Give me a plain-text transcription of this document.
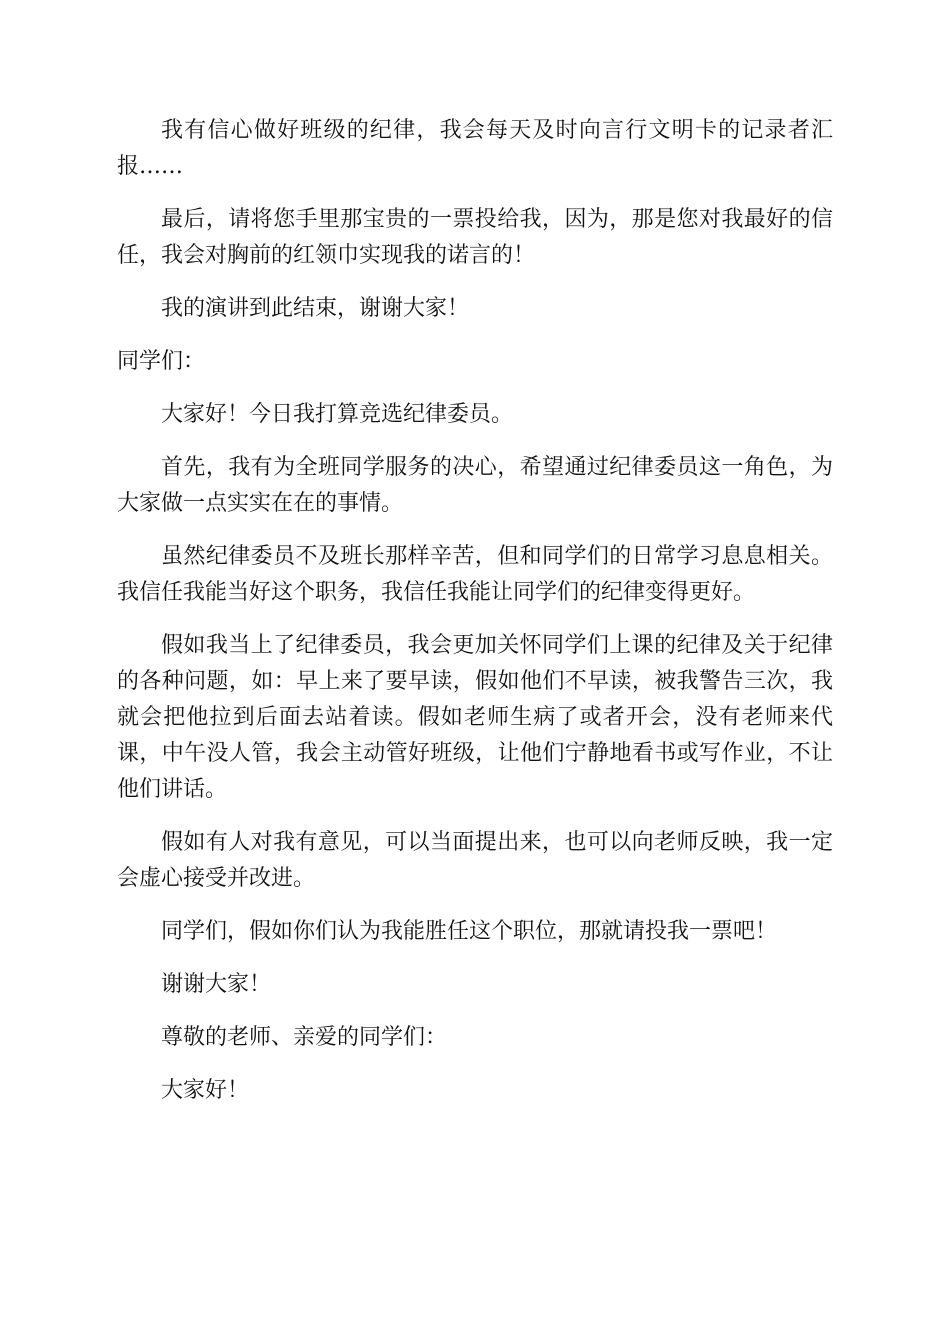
我有信心做好班级的纪律，我会每天及时向言行文明卡的记录者汇报……

最后，请将您手里那宝贵的一票投给我，因为，那是您对我最好的信任，我会对胸前的红领巾实现我的诺言的！

我的演讲到此结束，谢谢大家！

同学们：

大家好！今日我打算竞选纪律委员。

首先，我有为全班同学服务的决心，希望通过纪律委员这一角色，为大家做一点实实在在的事情。

虽然纪律委员不及班长那样辛苦，但和同学们的日常学习息息相关。我信任我能当好这个职务，我信任我能让同学们的纪律变得更好。

假如我当上了纪律委员，我会更加关怀同学们上课的纪律及关于纪律的各种问题，如：早上来了要早读，假如他们不早读，被我警告三次，我就会把他拉到后面去站着读。假如老师生病了或者开会，没有老师来代课，中午没人管，我会主动管好班级，让他们宁静地看书或写作业，不让他们讲话。

假如有人对我有意见，可以当面提出来，也可以向老师反映，我一定会虚心接受并改进。

同学们，假如你们认为我能胜任这个职位，那就请投我一票吧！

谢谢大家！

尊敬的老师、亲爱的同学们：

大家好！
